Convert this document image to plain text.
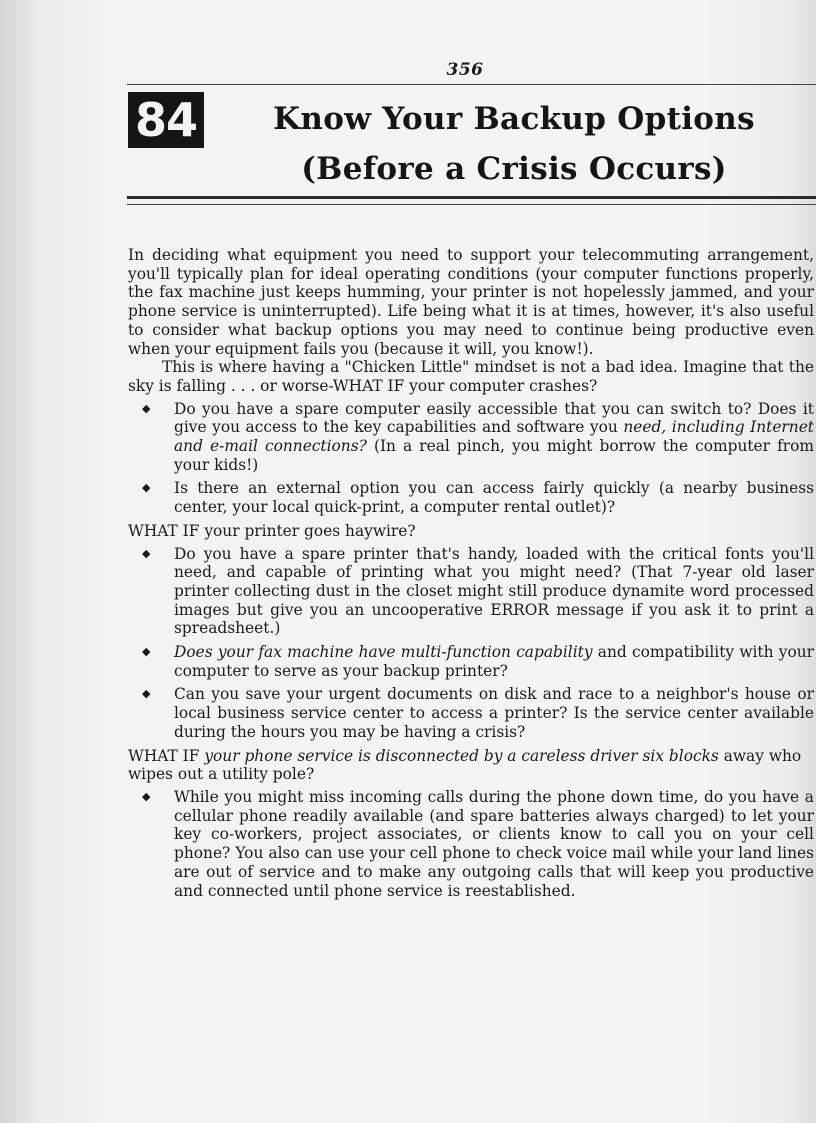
356
84	Know Your Backup Options
(Before a Crisis Occurs)

In deciding what equipment you need to support your telecommuting arrangement, you'll typically plan for ideal operating conditions (your computer functions properly, the fax machine just keeps humming, your printer is not hopelessly jammed, and your phone service is uninterrupted). Life being what it is at times, however, it's also useful to consider what backup options you may need to continue being productive even when your equipment fails you (because it will, you know!).

This is where having a "Chicken Little" mindset is not a bad idea. Imagine that the sky is falling . . . or worse-WHAT IF your computer crashes?

◆ Do you have a spare computer easily accessible that you can switch to? Does it give you access to the key capabilities and software you need, including Internet and e-mail connections? (In a real pinch, you might borrow the computer from your kids!)
◆ Is there an external option you can access fairly quickly (a nearby business center, your local quick-print, a computer rental outlet)?

WHAT IF your printer goes haywire?

◆ Do you have a spare printer that's handy, loaded with the critical fonts you'll need, and capable of printing what you might need? (That 7-year old laser printer collecting dust in the closet might still produce dynamite word processed images but give you an uncooperative ERROR message if you ask it to print a spreadsheet.)
◆ Does your fax machine have multi-function capability and compatibility with your computer to serve as your backup printer?
◆ Can you save your urgent documents on disk and race to a neighbor's house or local business service center to access a printer? Is the service center available during the hours you may be having a crisis?

WHAT IF your phone service is disconnected by a careless driver six blocks away who wipes out a utility pole?

◆ While you might miss incoming calls during the phone down time, do you have a cellular phone readily available (and spare batteries always charged) to let your key co-workers, project associates, or clients know to call you on your cell phone? You also can use your cell phone to check voice mail while your land lines are out of service and to make any outgoing calls that will keep you productive and connected until phone service is reestablished.
